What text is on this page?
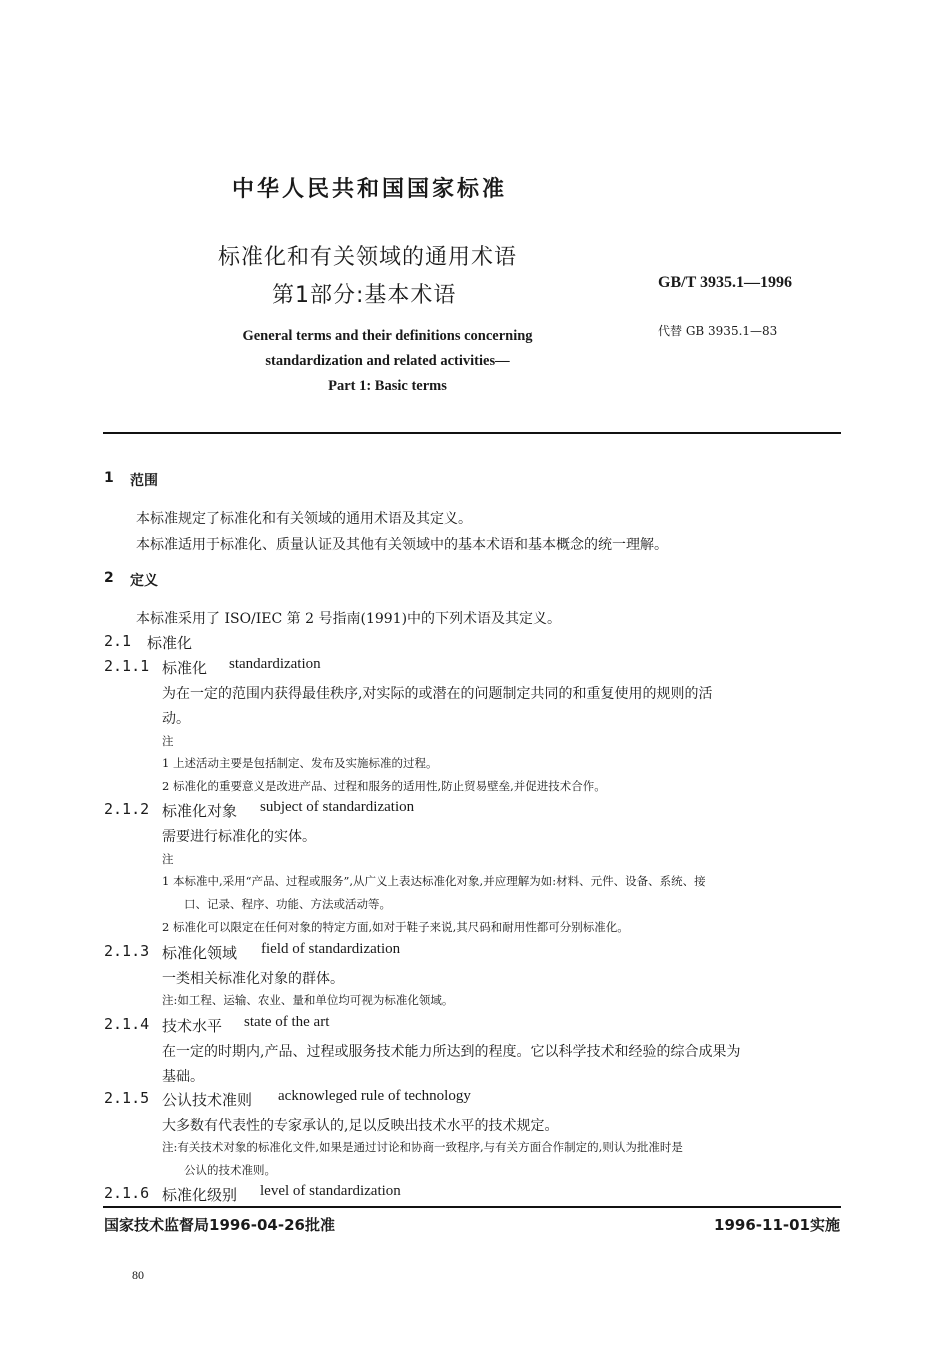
中华人民共和国国家标准
标准化和有关领域的通用术语
第1部分:基本术语
GB/T 3935.1—1996
代替 GB 3935.1—83
General terms and their definitions concerning
standardization and related activities—
Part 1: Basic terms
1 范围
本标准规定了标准化和有关领域的通用术语及其定义。
本标准适用于标准化、质量认证及其他有关领域中的基本术语和基本概念的统一理解。
2 定义
本标准采用了 ISO/IEC 第 2 号指南(1991)中的下列术语及其定义。
2.1 标准化
2.1.1 标准化 standardization
为在一定的范围内获得最佳秩序,对实际的或潜在的问题制定共同的和重复使用的规则的活
动。
注
1 上述活动主要是包括制定、发布及实施标准的过程。
2 标准化的重要意义是改进产品、过程和服务的适用性,防止贸易壁垒,并促进技术合作。
2.1.2 标准化对象 subject of standardization
需要进行标准化的实体。
注
1 本标准中,采用“产品、过程或服务”,从广义上表达标准化对象,并应理解为如:材料、元件、设备、系统、接
口、记录、程序、功能、方法或活动等。
2 标准化可以限定在任何对象的特定方面,如对于鞋子来说,其尺码和耐用性都可分别标准化。
2.1.3 标准化领域 field of standardization
一类相关标准化对象的群体。
注:如工程、运输、农业、量和单位均可视为标准化领域。
2.1.4 技术水平 state of the art
在一定的时期内,产品、过程或服务技术能力所达到的程度。它以科学技术和经验的综合成果为
基础。
2.1.5 公认技术准则 acknowleged rule of technology
大多数有代表性的专家承认的,足以反映出技术水平的技术规定。
注:有关技术对象的标准化文件,如果是通过讨论和协商一致程序,与有关方面合作制定的,则认为批准时是
公认的技术准则。
2.1.6 标准化级别 level of standardization
国家技术监督局1996-04-26批准	1996-11-01实施
80
